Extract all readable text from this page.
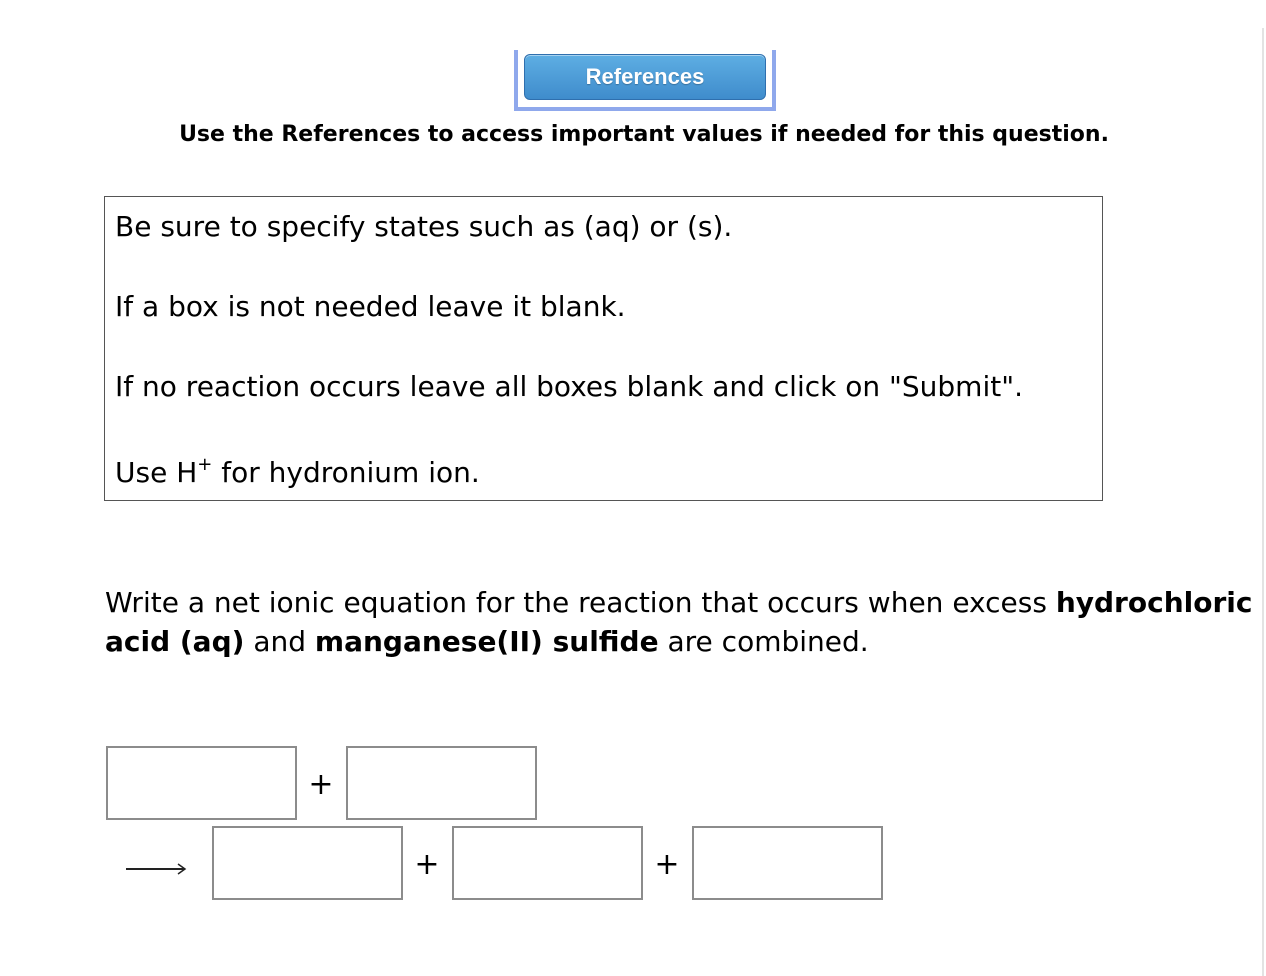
References
Use the References to access important values if needed for this question.
Be sure to specify states such as (aq) or (s).
If a box is not needed leave it blank.
If no reaction occurs leave all boxes blank and click on "Submit".
Use H+ for hydronium ion.
Write a net ionic equation for the reaction that occurs when excess hydrochloric acid (aq) and manganese(II) sulfide are combined.
+
+	+
